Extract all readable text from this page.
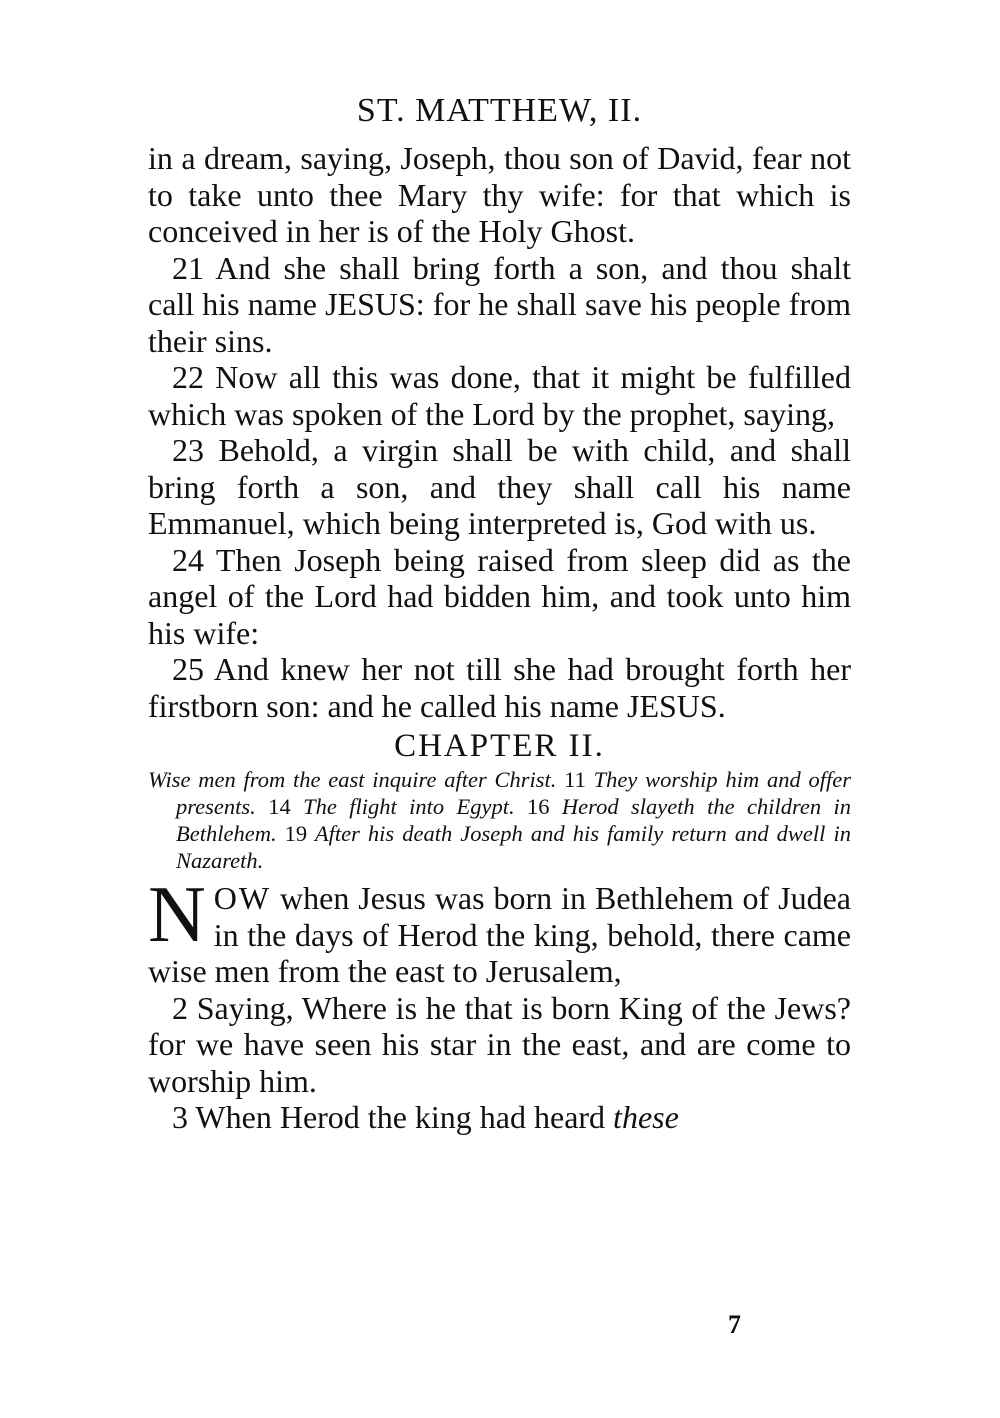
ST. MATTHEW, II.

in a dream, saying, Joseph, thou son of David, fear not to take unto thee Mary thy wife: for that which is conceived in her is of the Holy Ghost.

21 And she shall bring forth a son, and thou shalt call his name JESUS: for he shall save his people from their sins.

22 Now all this was done, that it might be fulfilled which was spoken of the Lord by the prophet, saying,

23 Behold, a virgin shall be with child, and shall bring forth a son, and they shall call his name Emmanuel, which being interpreted is, God with us.

24 Then Joseph being raised from sleep did as the angel of the Lord had bidden him, and took unto him his wife:

25 And knew her not till she had brought forth her firstborn son: and he called his name JESUS.

CHAPTER II.

Wise men from the east inquire after Christ. 11 They worship him and offer presents. 14 The flight into Egypt. 16 Herod slayeth the children in Bethlehem. 19 After his death Joseph and his family return and dwell in Nazareth.

N OW when Jesus was born in Bethlehem of Judea in the days of Herod the king, behold, there came wise men from the east to Jerusalem,

2 Saying, Where is he that is born King of the Jews? for we have seen his star in the east, and are come to worship him.

3 When Herod the king had heard these

7
